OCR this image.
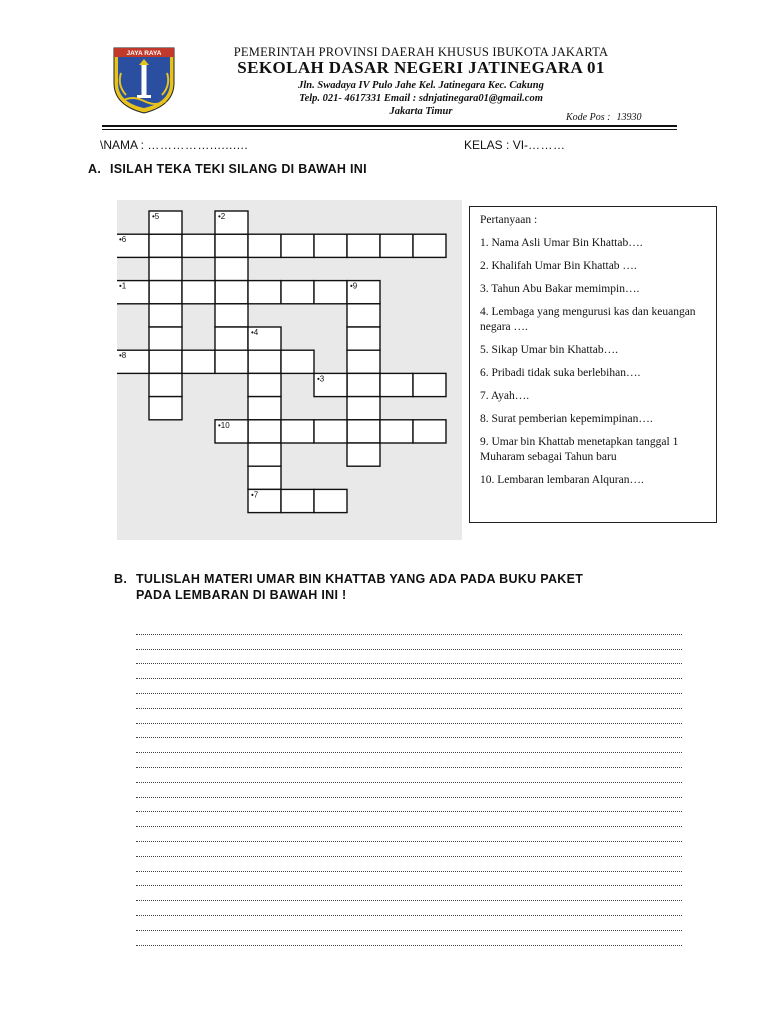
JAYA RAYA	PEMERINTAH PROVINSI DAERAH KHUSUS IBUKOTA JAKARTA
SEKOLAH DASAR NEGERI JATINEGARA 01
Jln. Swadaya IV Pulo Jahe Kel. Jatinegara Kec. Cakung
Telp. 021- 4617331 Email : sdnjatinegara01@gmail.com
Jakarta Timur
Kode Pos : 13930
\NAMA : ……………..........	KELAS : VI-………
A. ISILAH TEKA TEKI SILANG DI BAWAH INI
•5	•2
•6
•1	•9
•4
•8
•3
•10
•7
Pertanyaan :
1. Nama Asli Umar Bin Khattab….
2. Khalifah Umar Bin Khattab ….
3. Tahun Abu Bakar memimpin….
4. Lembaga yang mengurusi kas dan keuangan negara ….
5. Sikap Umar bin Khattab….
6. Pribadi tidak suka berlebihan….
7. Ayah….
8. Surat pemberian kepemimpinan….
9. Umar bin Khattab menetapkan tanggal 1 Muharam sebagai Tahun baru
10. Lembaran lembaran Alquran….
B. TULISLAH MATERI UMAR BIN KHATTAB YANG ADA PADA BUKU PAKET
PADA LEMBARAN DI BAWAH INI !
